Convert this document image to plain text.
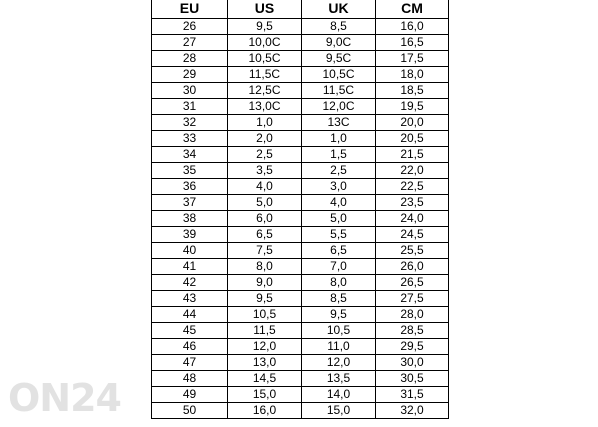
EU	US	UK	CM
26	9,5	8,5	16,0
27	10,0C	9,0C	16,5
28	10,5C	9,5C	17,5
29	11,5C	10,5C	18,0
30	12,5C	11,5C	18,5
31	13,0C	12,0C	19,5
32	1,0	13C	20,0
33	2,0	1,0	20,5
34	2,5	1,5	21,5
35	3,5	2,5	22,0
36	4,0	3,0	22,5
37	5,0	4,0	23,5
38	6,0	5,0	24,0
39	6,5	5,5	24,5
40	7,5	6,5	25,5
41	8,0	7,0	26,0
42	9,0	8,0	26,5
43	9,5	8,5	27,5
44	10,5	9,5	28,0
45	11,5	10,5	28,5
46	12,0	11,0	29,5
47	13,0	12,0	30,0
48	14,5	13,5	30,5
49	15,0	14,0	31,5
50	16,0	15,0	32,0
ON24
